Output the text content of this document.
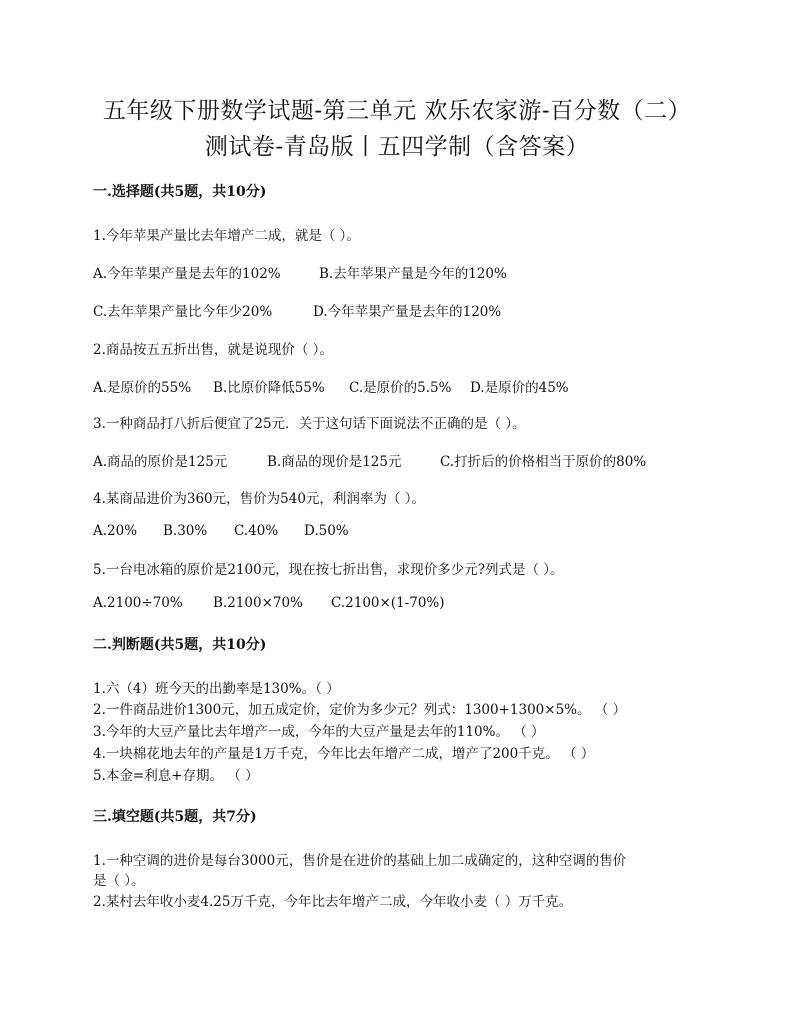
五年级下册数学试题-第三单元 欢乐农家游-百分数（二）
测试卷-青岛版丨五四学制（含答案）
一.选择题(共5题，共10分)
1.今年苹果产量比去年增产二成，就是（ ）。
A.今年苹果产量是去年的102%	B.去年苹果产量是今年的120%
C.去年苹果产量比今年少20%	D.今年苹果产量是去年的120%
2.商品按五五折出售，就是说现价（ ）。
A.是原价的55% B.比原价降低55% C.是原价的5.5% D.是原价的45%
3.一种商品打八折后便宜了25元．关于这句话下面说法不正确的是（ ）。
A.商品的原价是125元	B.商品的现价是125元	C.打折后的价格相当于原价的80%
4.某商品进价为360元，售价为540元，利润率为（ ）。
A.20% B.30% C.40% D.50%
5.一台电冰箱的原价是2100元，现在按七折出售，求现价多少元?列式是（ ）。
A.2100÷70% B.2100×70% C.2100×(1-70%)
二.判断题(共5题，共10分)
1.六（4）班今天的出勤率是130%。（ ）
2.一件商品进价1300元，加五成定价，定价为多少元？列式：1300+1300×5%。 （ ）
3.今年的大豆产量比去年增产一成，今年的大豆产量是去年的110%。 （ ）
4.一块棉花地去年的产量是1万千克，今年比去年增产二成，增产了200千克。 （ ）
5.本金=利息+存期。 （ ）
三.填空题(共5题，共7分)
1.一种空调的进价是每台3000元，售价是在进价的基础上加二成确定的，这种空调的售价
是（ ）。
2.某村去年收小麦4.25万千克，今年比去年增产二成，今年收小麦（ ）万千克。
